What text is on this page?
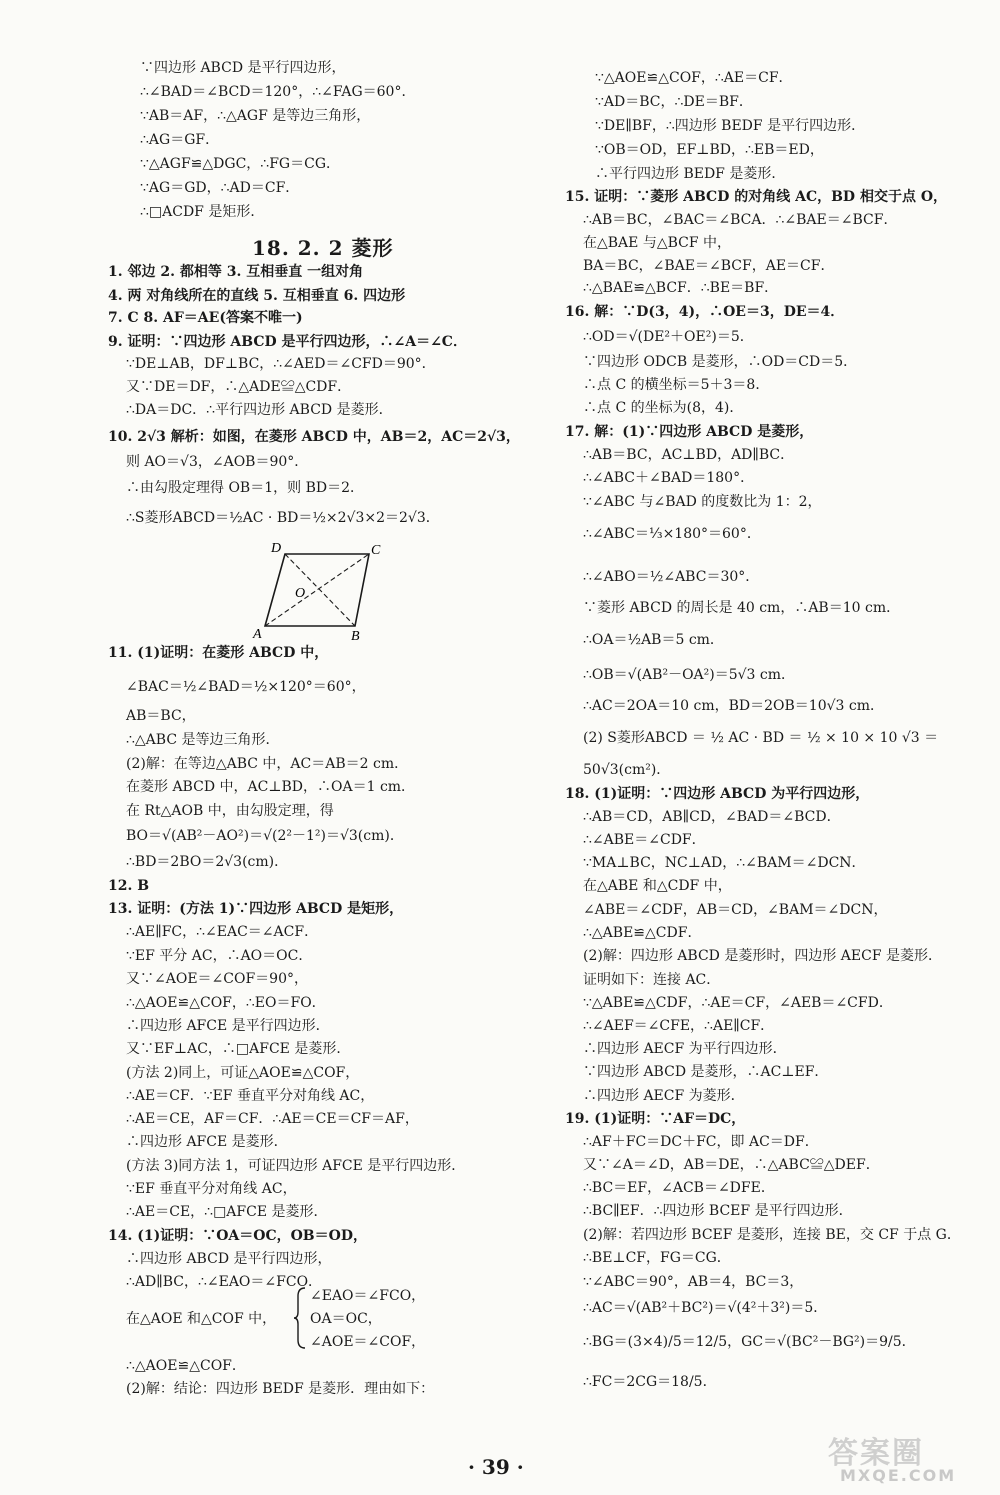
∵四边形 ABCD 是平行四边形，
∴∠BAD＝∠BCD＝120°，∴∠FAG＝60°．
∵AB＝AF，∴△AGF 是等边三角形，
∴AG＝GF．
∵△AGF≌△DGC，∴FG＝CG．
∵AG＝GD，∴AD＝CF．
∴□ACDF 是矩形．
1. 邻边 2. 都相等 3. 互相垂直 一组对角
4. 两 对角线所在的直线 5. 互相垂直 6. 四边形
7. C 8. AF＝AE(答案不唯一)
9. 证明：∵四边形 ABCD 是平行四边形，∴∠A＝∠C．
∵DE⊥AB，DF⊥BC，∴∠AED＝∠CFD＝90°．
又∵DE＝DF，∴△ADE≌△CDF．
∴DA＝DC．∴平行四边形 ABCD 是菱形．
10. 2√3 解析：如图，在菱形 ABCD 中，AB＝2，AC＝2√3，
则 AO＝√3，∠AOB＝90°．
∴由勾股定理得 OB＝1，则 BD＝2．
∴S菱形ABCD＝½AC · BD＝½×2√3×2＝2√3．
11. (1)证明：在菱形 ABCD 中，
∠BAC＝½∠BAD＝½×120°＝60°，
AB＝BC，
∴△ABC 是等边三角形．
(2)解：在等边△ABC 中，AC＝AB＝2 cm．
在菱形 ABCD 中，AC⊥BD，∴OA＝1 cm．
在 Rt△AOB 中，由勾股定理，得
BO＝√(AB²－AO²)＝√(2²－1²)＝√3(cm)．
∴BD＝2BO＝2√3(cm)．
12. B
13. 证明：(方法 1)∵四边形 ABCD 是矩形，
∴AE∥FC，∴∠EAC＝∠ACF．
∵EF 平分 AC，∴AO＝OC．
又∵∠AOE＝∠COF＝90°，
∴△AOE≌△COF，∴EO＝FO．
∴四边形 AFCE 是平行四边形．
又∵EF⊥AC，∴□AFCE 是菱形．
(方法 2)同上，可证△AOE≌△COF，
∴AE＝CF．∵EF 垂直平分对角线 AC，
∴AE＝CE，AF＝CF．∴AE＝CE＝CF＝AF，
∴四边形 AFCE 是菱形．
(方法 3)同方法 1，可证四边形 AFCE 是平行四边形．
∵EF 垂直平分对角线 AC，
∴AE＝CE，∴□AFCE 是菱形．
14. (1)证明：∵OA＝OC，OB＝OD，
∴四边形 ABCD 是平行四边形，
∴AD∥BC，∴∠EAO＝∠FCO．
在△AOE 和△COF 中，
∠EAO＝∠FCO，
OA＝OC，
∠AOE＝∠COF，
∴△AOE≌△COF．
(2)解：结论：四边形 BEDF 是菱形．理由如下：
∵△AOE≌△COF，∴AE＝CF．
∵AD＝BC，∴DE＝BF．
∵DE∥BF，∴四边形 BEDF 是平行四边形．
∵OB＝OD，EF⊥BD，∴EB＝ED，
∴平行四边形 BEDF 是菱形．
15. 证明：∵菱形 ABCD 的对角线 AC，BD 相交于点 O，
∴AB＝BC，∠BAC＝∠BCA．∴∠BAE＝∠BCF．
在△BAE 与△BCF 中，
BA＝BC，∠BAE＝∠BCF，AE＝CF．
∴△BAE≌△BCF．∴BE＝BF．
16. 解：∵D(3，4)，∴OE＝3，DE＝4．
∴OD＝√(DE²＋OE²)＝5．
∵四边形 ODCB 是菱形，∴OD＝CD＝5．
∴点 C 的横坐标＝5＋3＝8．
∴点 C 的坐标为(8，4)．
17. 解：(1)∵四边形 ABCD 是菱形，
∴AB＝BC，AC⊥BD，AD∥BC．
∴∠ABC＋∠BAD＝180°．
∵∠ABC 与∠BAD 的度数比为 1：2，
∴∠ABC＝⅓×180°＝60°．
∴∠ABO＝½∠ABC＝30°．
∵菱形 ABCD 的周长是 40 cm，∴AB＝10 cm．
∴OA＝½AB＝5 cm．
∴OB＝√(AB²－OA²)＝5√3 cm．
∴AC＝2OA＝10 cm，BD＝2OB＝10√3 cm．
(2) S菱形ABCD ＝ ½ AC · BD ＝ ½ × 10 × 10 √3 ＝
50√3(cm²)．
18. (1)证明：∵四边形 ABCD 为平行四边形，
∴AB＝CD，AB∥CD，∠BAD＝∠BCD．
∴∠ABE＝∠CDF．
∵MA⊥BC，NC⊥AD，∴∠BAM＝∠DCN．
在△ABE 和△CDF 中，
∠ABE＝∠CDF，AB＝CD，∠BAM＝∠DCN，
∴△ABE≌△CDF．
(2)解：四边形 ABCD 是菱形时，四边形 AECF 是菱形．
证明如下：连接 AC．
∵△ABE≌△CDF，∴AE＝CF，∠AEB＝∠CFD．
∴∠AEF＝∠CFE，∴AE∥CF．
∴四边形 AECF 为平行四边形．
∵四边形 ABCD 是菱形，∴AC⊥EF．
∴四边形 AECF 为菱形．
19. (1)证明：∵AF＝DC，
∴AF＋FC＝DC＋FC，即 AC＝DF．
又∵∠A＝∠D，AB＝DE，∴△ABC≌△DEF．
∴BC＝EF，∠ACB＝∠DFE．
∴BC∥EF．∴四边形 BCEF 是平行四边形．
(2)解：若四边形 BCEF 是菱形，连接 BE，交 CF 于点 G．
∴BE⊥CF，FG＝CG．
∵∠ABC＝90°，AB＝4，BC＝3，
∴AC＝√(AB²＋BC²)＝√(4²＋3²)＝5．
∴BG＝(3×4)/5＝12/5，GC＝√(BC²－BG²)＝9/5．
∴FC＝2CG＝18/5．
18. 2. 2 菱形
D	C
O
A	B
· 39 ·	答案圈
MXQE.COM
